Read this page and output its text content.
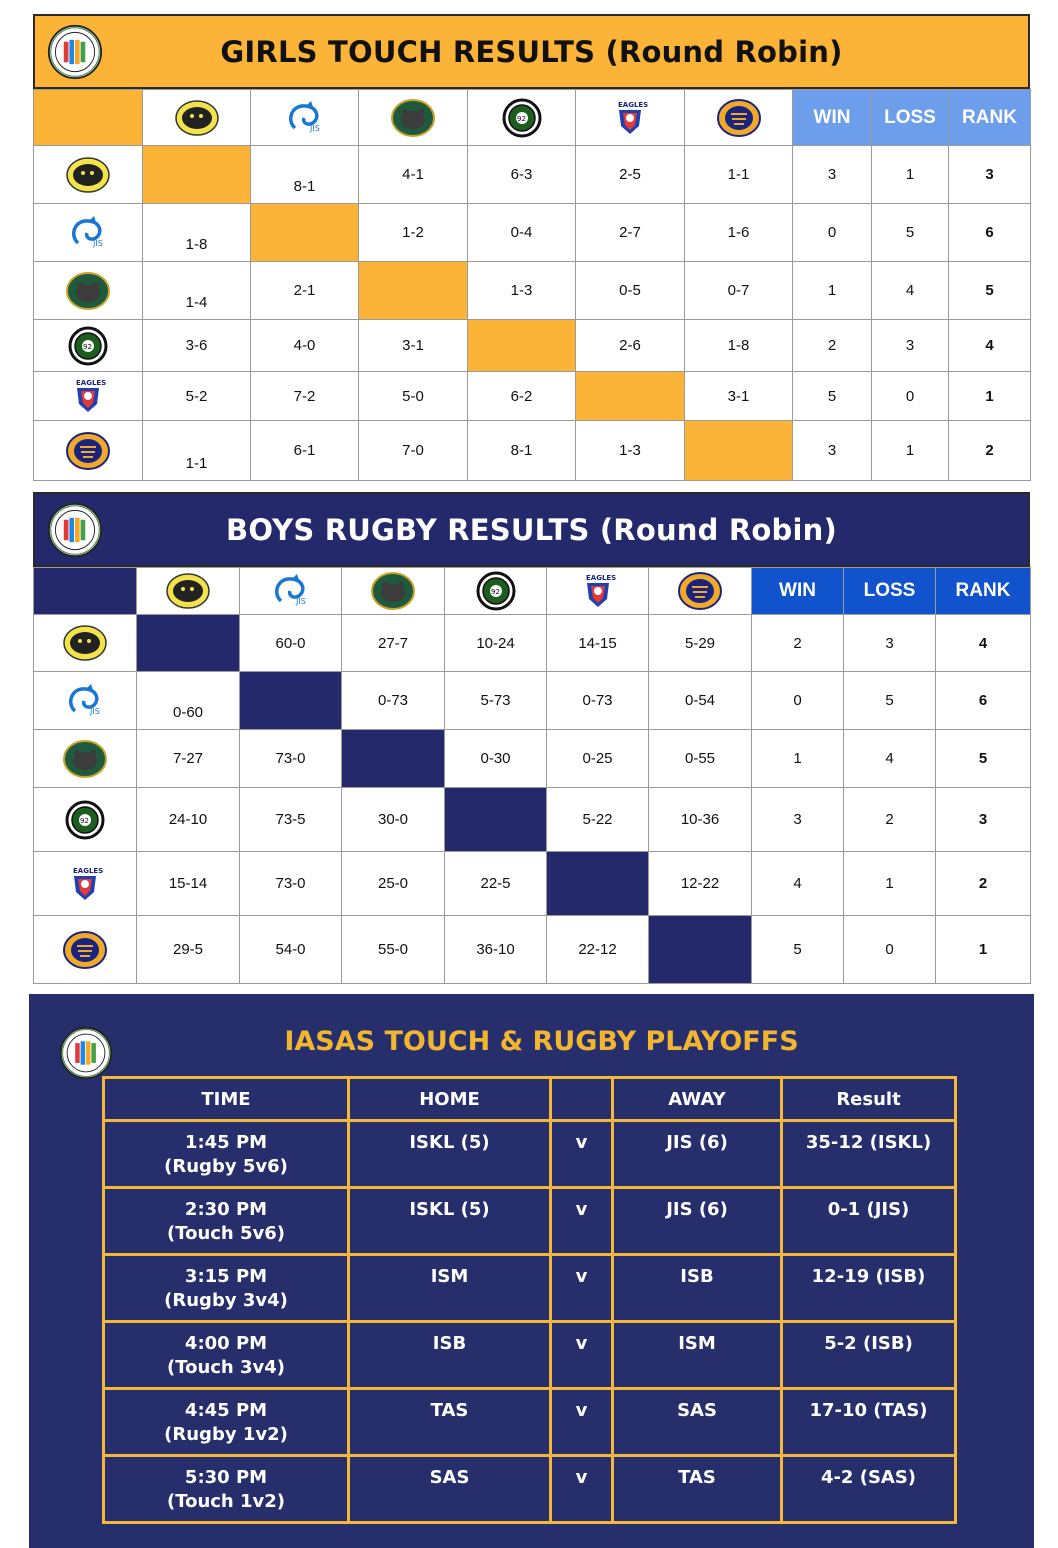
GIRLS TOUCH RESULTS (Round Robin)

	WIN	LOSS	RANK

		8-1	4-1	6-3	2-5	1-1	3	1	3

	1-8		1-2	0-4	2-7	1-6	0	5	6

	1-4	2-1		1-3	0-5	0-7	1	4	5

	3-6	4-0	3-1		2-6	1-8	2	3	4

	5-2	7-2	5-0	6-2		3-1	5	0	1

	1-1	6-1	7-0	8-1	1-3		3	1	2
BOYS RUGBY RESULTS (Round Robin)

	WIN	LOSS	RANK

		60-0	27-7	10-24	14-15	5-29	2	3	4

	0-60		0-73	5-73	0-73	0-54	0	5	6

	7-27	73-0		0-30	0-25	0-55	1	4	5

	24-10	73-5	30-0		5-22	10-36	3	2	3

	15-14	73-0	25-0	22-5		12-22	4	1	2

	29-5	54-0	55-0	36-10	22-12		5	0	1
IASAS TOUCH & RUGBY PLAYOFFS
TIME	HOME		AWAY	Result
1:45 PM
(Rugby 5v6)	ISKL (5)	v	JIS (6)	35-12 (ISKL)
2:30 PM
(Touch 5v6)	ISKL (5)	v	JIS (6)	0-1 (JIS)
3:15 PM
(Rugby 3v4)	ISM	v	ISB	12-19 (ISB)
4:00 PM
(Touch 3v4)	ISB	v	ISM	5-2 (ISB)
4:45 PM
(Rugby 1v2)	TAS	v	SAS	17-10 (TAS)
5:30 PM
(Touch 1v2)	SAS	v	TAS	4-2 (SAS)
